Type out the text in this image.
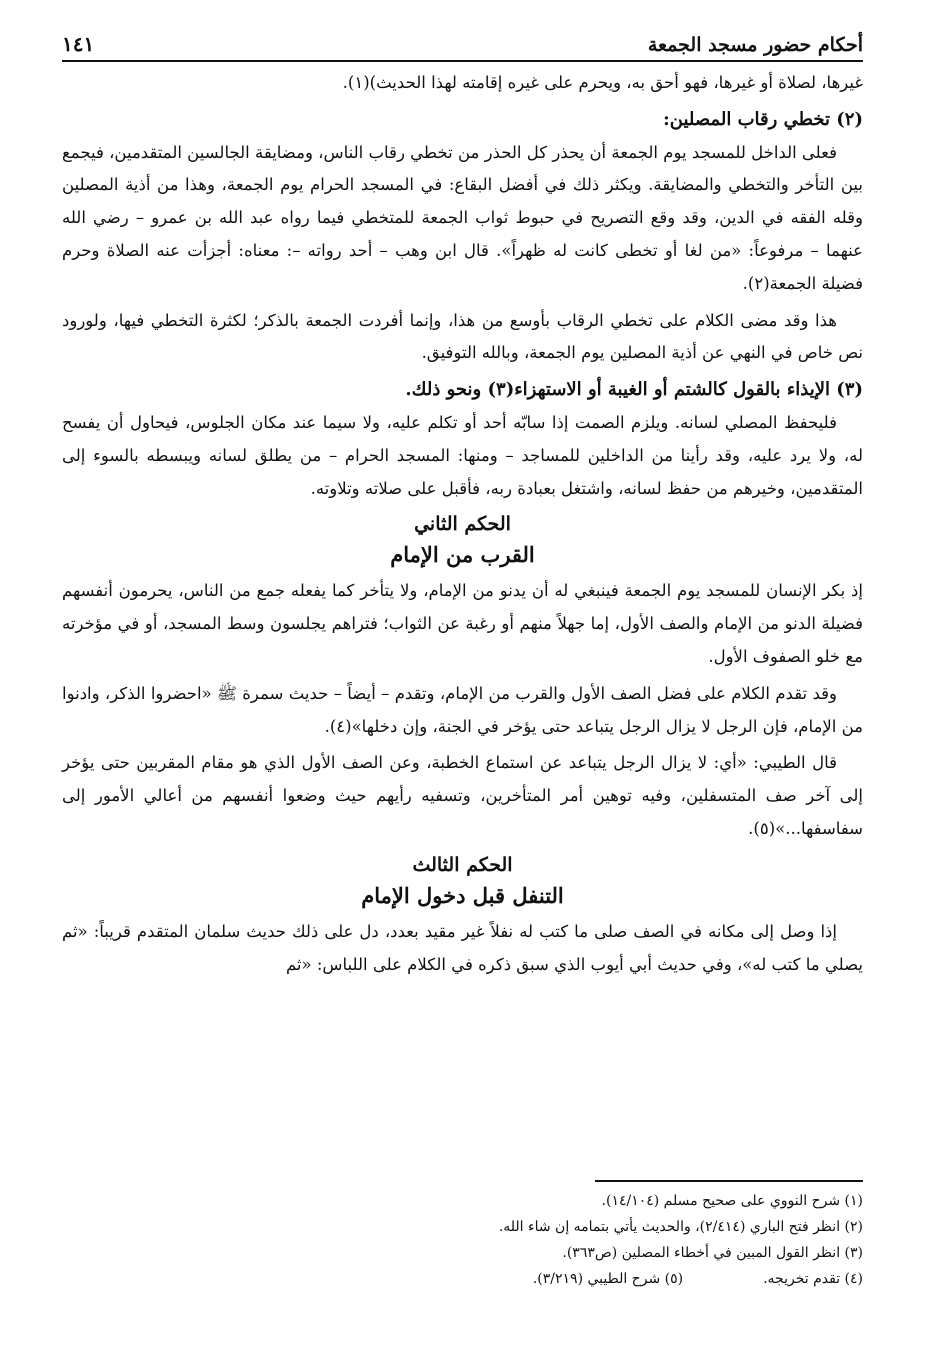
أحكام حضور مسجد الجمعة
١٤١

غيرها، لصلاة أو غيرها، فهو أحق به، ويحرم على غيره إقامته لهذا الحديث)(١).

(٢) تخطي رقاب المصلين:

فعلى الداخل للمسجد يوم الجمعة أن يحذر كل الحذر من تخطي رقاب الناس، ومضايقة الجالسين المتقدمين، فيجمع بين التأخر والتخطي والمضايقة. ويكثر ذلك في أفضل البقاع: في المسجد الحرام يوم الجمعة، وهذا من أذية المصلين وقله الفقه في الدين، وقد وقع التصريح في حبوط ثواب الجمعة للمتخطي فيما رواه عبد الله بن عمرو – رضي الله عنهما – مرفوعاً: «من لغا أو تخطى كانت له ظهراً». قال ابن وهب – أحد رواته –: معناه: أجزأت عنه الصلاة وحرم فضيلة الجمعة(٢).

هذا وقد مضى الكلام على تخطي الرقاب بأوسع من هذا، وإنما أفردت الجمعة بالذكر؛ لكثرة التخطي فيها، ولورود نص خاص في النهي عن أذية المصلين يوم الجمعة، وبالله التوفيق.

(٣) الإيذاء بالقول كالشتم أو الغيبة أو الاستهزاء(٣) ونحو ذلك.

فليحفظ المصلي لسانه. ويلزم الصمت إذا سابّه أحد أو تكلم عليه، ولا سيما عند مكان الجلوس، فيحاول أن يفسح له، ولا يرد عليه، وقد رأينا من الداخلين للمساجد – ومنها: المسجد الحرام – من يطلق لسانه ويبسطه بالسوء إلى المتقدمين، وخيرهم من حفظ لسانه، واشتغل بعبادة ربه، فأقبل على صلاته وتلاوته.

الحكم الثاني
القرب من الإمام

إذ بكر الإنسان للمسجد يوم الجمعة فينبغي له أن يدنو من الإمام، ولا يتأخر كما يفعله جمع من الناس، يحرمون أنفسهم فضيلة الدنو من الإمام والصف الأول، إما جهلاً منهم أو رغبة عن الثواب؛ فتراهم يجلسون وسط المسجد، أو في مؤخرته مع خلو الصفوف الأول.

وقد تقدم الكلام على فضل الصف الأول والقرب من الإمام، وتقدم – أيضاً – حديث سمرة ﷺ «احضروا الذكر، وادنوا من الإمام، فإن الرجل لا يزال الرجل يتباعد حتى يؤخر في الجنة، وإن دخلها»(٤).

قال الطيبي: «أي: لا يزال الرجل يتباعد عن استماع الخطبة، وعن الصف الأول الذي هو مقام المقربين حتى يؤخر إلى آخر صف المتسفلين، وفيه توهين أمر المتأخرين، وتسفيه رأيهم حيث وضعوا أنفسهم من أعالي الأمور إلى سفاسفها...»(٥).

الحكم الثالث
التنفل قبل دخول الإمام

إذا وصل إلى مكانه في الصف صلى ما كتب له نفلاً غير مقيد بعدد، دل على ذلك حديث سلمان المتقدم قريباً: «ثم يصلي ما كتب له»، وفي حديث أبي أيوب الذي سبق ذكره في الكلام على اللباس: «ثم

(١) شرح النووي على صحيح مسلم (١٤/١٠٤).

(٢) انظر فتح الباري (٢/٤١٤)، والحديث يأتي بتمامه إن شاء الله.

(٣) انظر القول المبين في أخطاء المصلين (ص٣٦٣).

(٤) تقدم تخريجه.

(٥) شرح الطيبي (٣/٢١٩).
